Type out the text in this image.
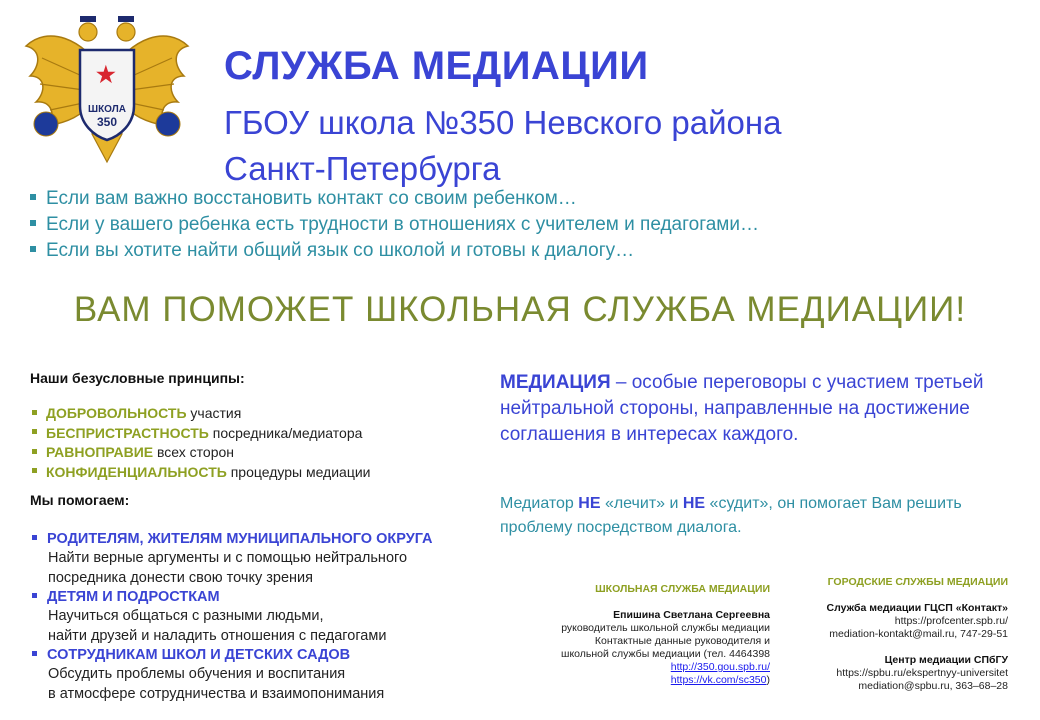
★
ШКОЛА
350
СЛУЖБА МЕДИАЦИИ
ГБОУ школа №350 Невского района
Санкт-Петербурга
Если вам важно восстановить контакт со своим ребенком…
Если у вашего ребенка есть трудности в отношениях с учителем и педагогами…
Если вы хотите найти общий язык со школой и готовы к диалогу…
ВАМ ПОМОЖЕТ ШКОЛЬНАЯ СЛУЖБА МЕДИАЦИИ!
Наши безусловные принципы:
ДОБРОВОЛЬНОСТЬ участия
БЕСПРИСТРАСТНОСТЬ посредника/медиатора
РАВНОПРАВИЕ всех сторон
КОНФИДЕНЦИАЛЬНОСТЬ процедуры медиации
Мы помогаем:
РОДИТЕЛЯМ, ЖИТЕЛЯМ МУНИЦИПАЛЬНОГО ОКРУГА
Найти верные аргументы и с помощью нейтрального
посредника донести свою точку зрения
ДЕТЯМ И ПОДРОСТКАМ
Научиться общаться с разными людьми,
найти друзей и наладить отношения с педагогами
СОТРУДНИКАМ ШКОЛ И ДЕТСКИХ САДОВ
Обсудить проблемы обучения и воспитания
в атмосфере сотрудничества и взаимопонимания
МЕДИАЦИЯ – особые переговоры с участием третьей нейтральной стороны, направленные на достижение соглашения в интересах каждого.
Медиатор НЕ «лечит» и НЕ «судит», он помогает Вам решить проблему посредством диалога.
ШКОЛЬНАЯ СЛУЖБА МЕДИАЦИИ
Епишина Светлана Сергеевна
руководитель школьной службы медиации
Контактные данные руководителя и
школьной службы медиации (тел. 4464398
http://350.gou.spb.ru/
https://vk.com/sc350)
ГОРОДСКИЕ СЛУЖБЫ МЕДИАЦИИ
Служба медиации ГЦСП «Контакт»
https://profcenter.spb.ru/
mediation-kontakt@mail.ru, 747-29-51
Центр медиации СПбГУ
https://spbu.ru/ekspertnyy-universitet
mediation@spbu.ru, 363–68–28
